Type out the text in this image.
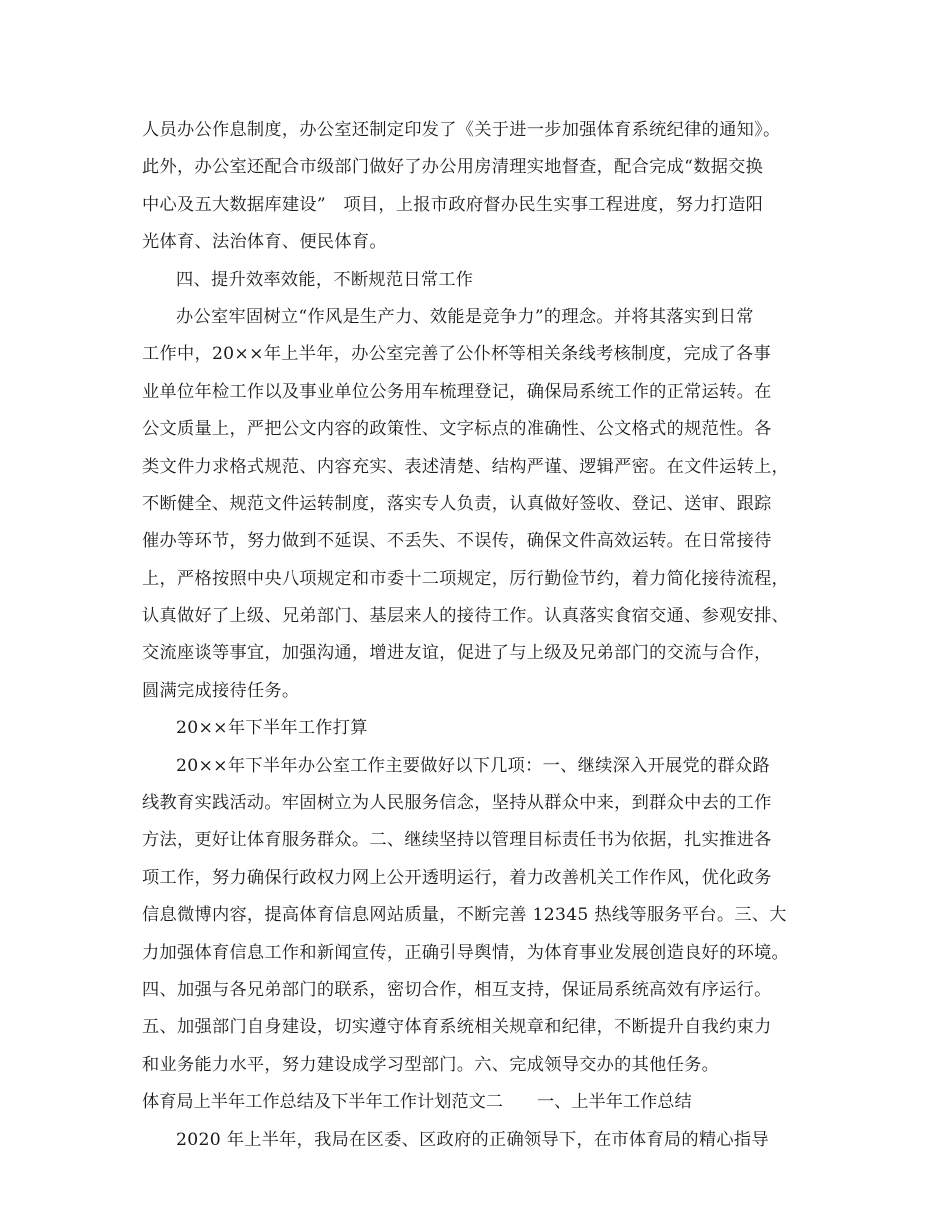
人员办公作息制度，办公室还制定印发了《关于进一步加强体育系统纪律的通知》。
此外，办公室还配合市级部门做好了办公用房清理实地督查，配合完成“数据交换
中心及五大数据库建设”　项目，上报市政府督办民生实事工程进度，努力打造阳
光体育、法治体育、便民体育。
四、提升效率效能，不断规范日常工作
办公室牢固树立“作风是生产力、效能是竞争力”的理念。并将其落实到日常
工作中，20××年上半年，办公室完善了公仆杯等相关条线考核制度，完成了各事
业单位年检工作以及事业单位公务用车梳理登记，确保局系统工作的正常运转。在
公文质量上，严把公文内容的政策性、文字标点的准确性、公文格式的规范性。各
类文件力求格式规范、内容充实、表述清楚、结构严谨、逻辑严密。在文件运转上，
不断健全、规范文件运转制度，落实专人负责，认真做好签收、登记、送审、跟踪
催办等环节，努力做到不延误、不丢失、不误传，确保文件高效运转。在日常接待
上，严格按照中央八项规定和市委十二项规定，厉行勤俭节约，着力简化接待流程，
认真做好了上级、兄弟部门、基层来人的接待工作。认真落实食宿交通、参观安排、
交流座谈等事宜，加强沟通，增进友谊，促进了与上级及兄弟部门的交流与合作，
圆满完成接待任务。
20××年下半年工作打算
20××年下半年办公室工作主要做好以下几项：一、继续深入开展党的群众路
线教育实践活动。牢固树立为人民服务信念，坚持从群众中来，到群众中去的工作
方法，更好让体育服务群众。二、继续坚持以管理目标责任书为依据，扎实推进各
项工作，努力确保行政权力网上公开透明运行，着力改善机关工作作风，优化政务
信息微博内容，提高体育信息网站质量，不断完善 12345 热线等服务平台。三、大
力加强体育信息工作和新闻宣传，正确引导舆情，为体育事业发展创造良好的环境。
四、加强与各兄弟部门的联系，密切合作，相互支持，保证局系统高效有序运行。
五、加强部门自身建设，切实遵守体育系统相关规章和纪律，不断提升自我约束力
和业务能力水平，努力建设成学习型部门。六、完成领导交办的其他任务。
体育局上半年工作总结及下半年工作计划范文二 一、上半年工作总结
2020 年上半年，我局在区委、区政府的正确领导下，在市体育局的精心指导
